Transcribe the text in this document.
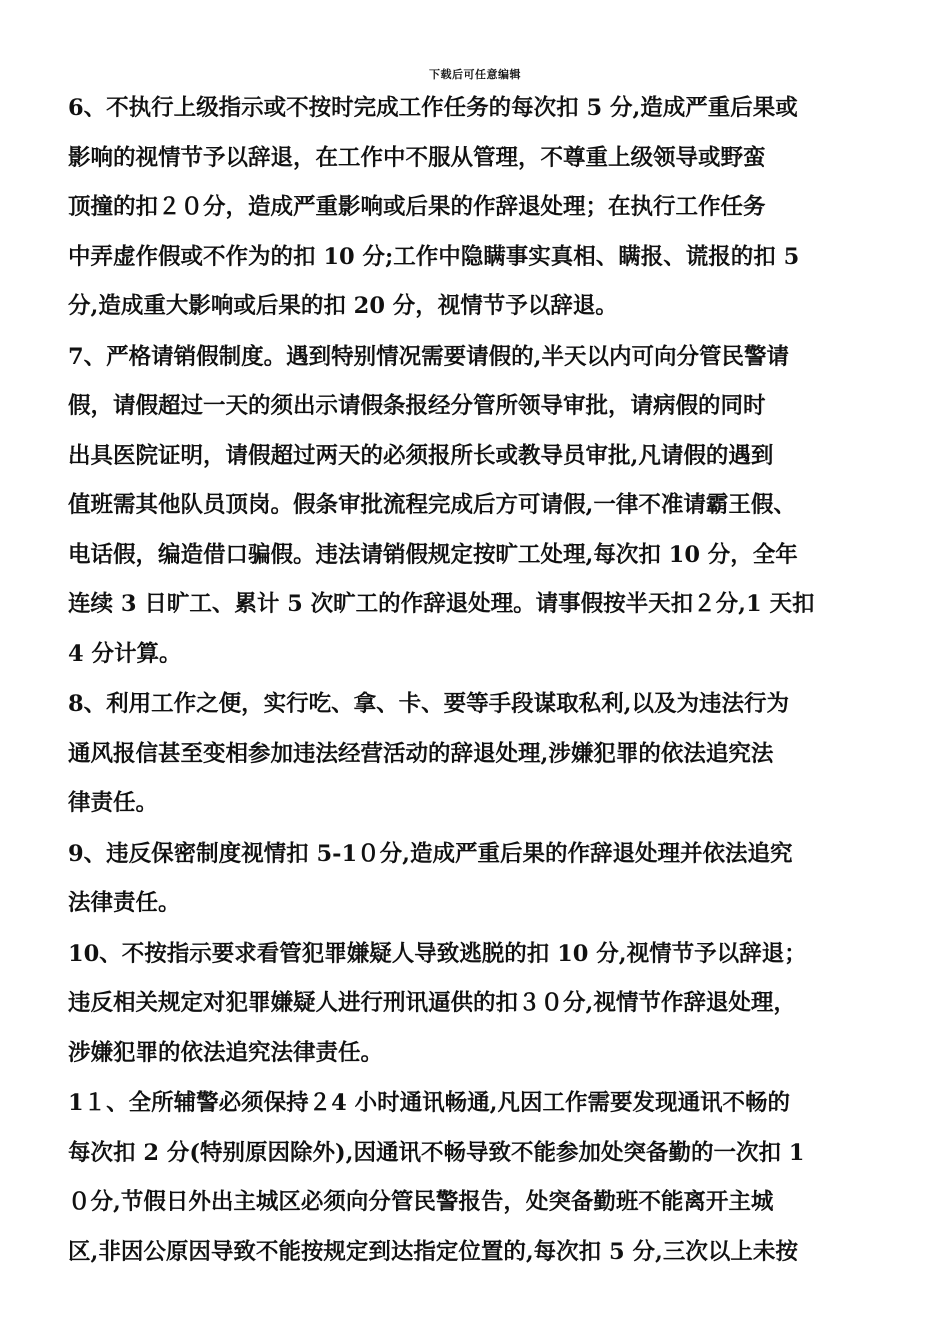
下载后可任意编辑
6、不执行上级指示或不按时完成工作任务的每次扣 5 分,造成严重后果或
影响的视情节予以辞退，在工作中不服从管理，不尊重上级领导或野蛮
顶撞的扣２０分，造成严重影响或后果的作辞退处理；在执行工作任务
中弄虚作假或不作为的扣 10 分;工作中隐瞒事实真相、瞒报、谎报的扣 5
分,造成重大影响或后果的扣 20 分，视情节予以辞退。
7、严格请销假制度。遇到特别情况需要请假的,半天以内可向分管民警请
假，请假超过一天的须出示请假条报经分管所领导审批，请病假的同时
出具医院证明，请假超过两天的必须报所长或教导员审批,凡请假的遇到
值班需其他队员顶岗。假条审批流程完成后方可请假,一律不准请霸王假、
电话假，编造借口骗假。违法请销假规定按旷工处理,每次扣 10 分，全年
连续 3 日旷工、累计 5 次旷工的作辞退处理。请事假按半天扣２分,1 天扣
4 分计算。
8、利用工作之便，实行吃、拿、卡、要等手段谋取私利,以及为违法行为
通风报信甚至变相参加违法经营活动的辞退处理,涉嫌犯罪的依法追究法
律责任。
9、违反保密制度视情扣 5-1０分,造成严重后果的作辞退处理并依法追究
法律责任。
10、不按指示要求看管犯罪嫌疑人导致逃脱的扣 10 分,视情节予以辞退；
违反相关规定对犯罪嫌疑人进行刑讯逼供的扣３０分,视情节作辞退处理，
涉嫌犯罪的依法追究法律责任。
1１、全所辅警必须保持２4 小时通讯畅通,凡因工作需要发现通讯不畅的
每次扣 2 分(特别原因除外),因通讯不畅导致不能参加处突备勤的一次扣 1
０分,节假日外出主城区必须向分管民警报告，处突备勤班不能离开主城
区,非因公原因导致不能按规定到达指定位置的,每次扣 5 分,三次以上未按
